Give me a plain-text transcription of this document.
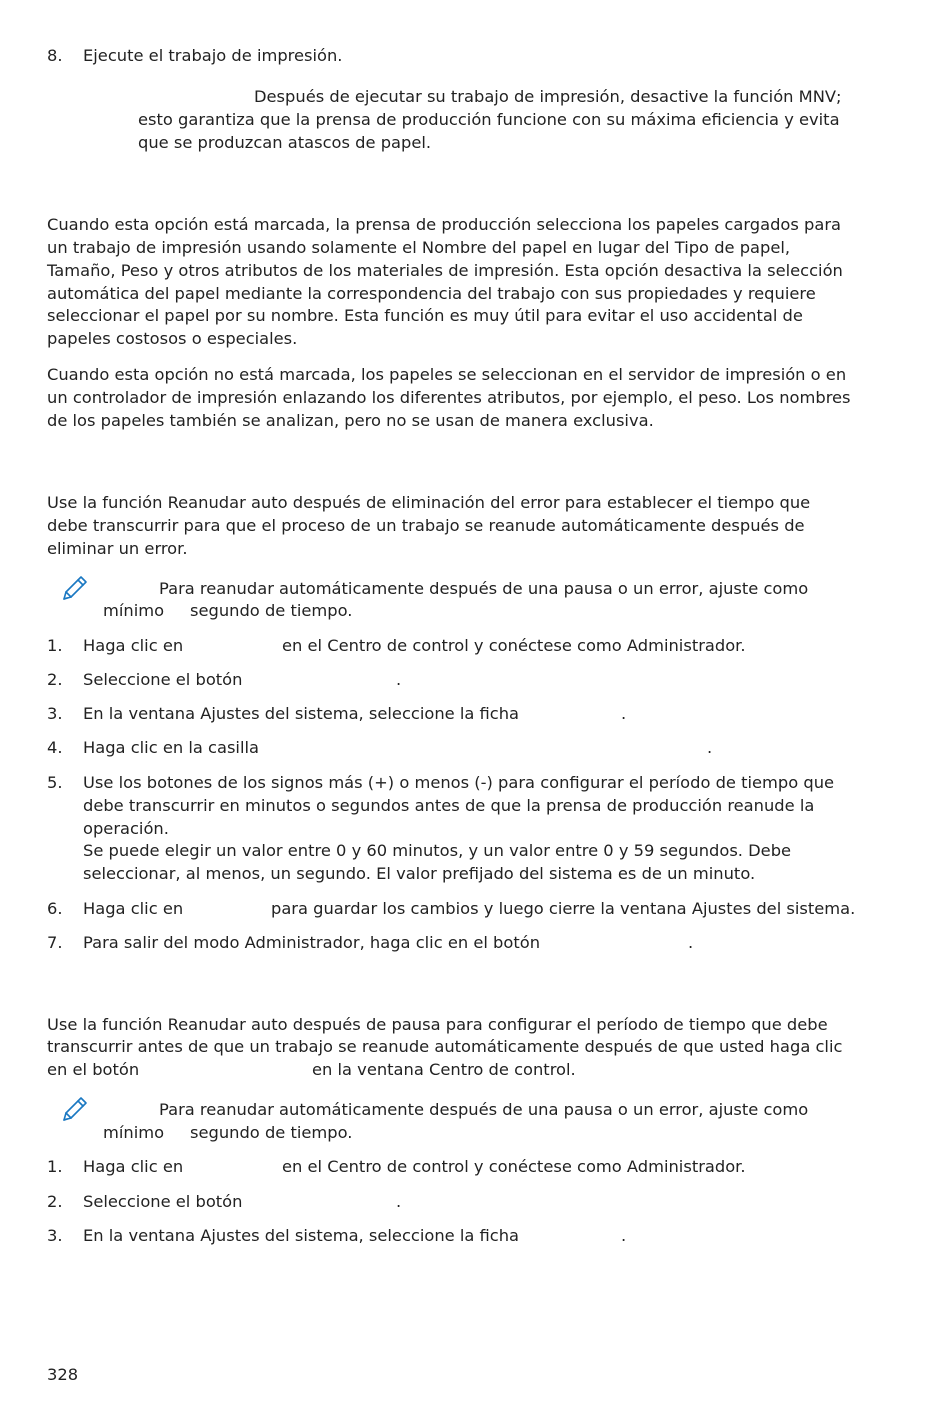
8. Ejecute el trabajo de impresión.
Después de ejecutar su trabajo de impresión, desactive la función MNV;
esto garantiza que la prensa de producción funcione con su máxima eficiencia y evita
que se produzcan atascos de papel.
Cuando esta opción está marcada, la prensa de producción selecciona los papeles cargados para
un trabajo de impresión usando solamente el Nombre del papel en lugar del Tipo de papel,
Tamaño, Peso y otros atributos de los materiales de impresión. Esta opción desactiva la selección
automática del papel mediante la correspondencia del trabajo con sus propiedades y requiere
seleccionar el papel por su nombre. Esta función es muy útil para evitar el uso accidental de
papeles costosos o especiales.
Cuando esta opción no está marcada, los papeles se seleccionan en el servidor de impresión o en
un controlador de impresión enlazando los diferentes atributos, por ejemplo, el peso. Los nombres
de los papeles también se analizan, pero no se usan de manera exclusiva.
Use la función Reanudar auto después de eliminación del error para establecer el tiempo que
debe transcurrir para que el proceso de un trabajo se reanude automáticamente después de
eliminar un error.
Para reanudar automáticamente después de una pausa o un error, ajuste como
mínimo segundo de tiempo.
1. Haga clic en	en el Centro de control y conéctese como Administrador.
2. Seleccione el botón	.
3. En la ventana Ajustes del sistema, seleccione la ficha	.
4. Haga clic en la casilla	.
5. Use los botones de los signos más (+) o menos (-) para configurar el período de tiempo que
debe transcurrir en minutos o segundos antes de que la prensa de producción reanude la
operación.
Se puede elegir un valor entre 0 y 60 minutos, y un valor entre 0 y 59 segundos. Debe
seleccionar, al menos, un segundo. El valor prefijado del sistema es de un minuto.
6. Haga clic en	para guardar los cambios y luego cierre la ventana Ajustes del sistema.
7. Para salir del modo Administrador, haga clic en el botón	.
Use la función Reanudar auto después de pausa para configurar el período de tiempo que debe
transcurrir antes de que un trabajo se reanude automáticamente después de que usted haga clic
en el botón	en la ventana Centro de control.
Para reanudar automáticamente después de una pausa o un error, ajuste como
mínimo segundo de tiempo.
1. Haga clic en	en el Centro de control y conéctese como Administrador.
2. Seleccione el botón	.
3. En la ventana Ajustes del sistema, seleccione la ficha	.
328
